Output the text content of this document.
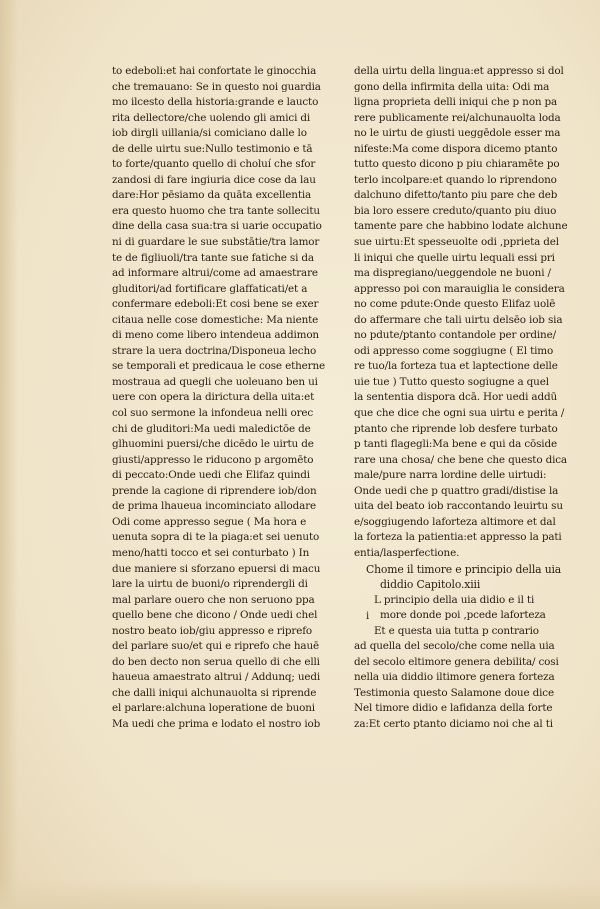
to edeboli:et hai confortate le ginocchia
che tremauano: Se in questo noi guardia
mo ilcesto della historia:grande e laucto
rita dellectore/che uolendo gli amici di
iob dirgli uillania/si comiciano dalle lo
de delle uirtu sue:Nullo testimonio e tā
to forte/quanto quello di choluí che sfor
zandosi di fare ingiuria dice cose da lau
dare:Hor pēsiamo da quāta excellentia
era questo huomo che tra tante sollecitu
dine della casa sua:tra si uarie occupatio
ni di guardare le sue substātie/tra lamor
te de figliuoli/tra tante sue fatiche si da
ad informare altrui/come ad amaestrare
gluditori/ad fortificare glaffaticati/et a
confermare edeboli:Et cosi bene se exer
citaua nelle cose domestiche: Ma niente
di meno come libero intendeua addimon
strare la uera doctrina/Disponeua lecho
se temporali et predicaua le cose etherne
mostraua ad quegli che uoleuano ben ui
uere con opera la dirictura della uita:et
col suo sermone la infondeua nelli orec
chi de gluditori:Ma uedi maledictōe de
glhuomini puersi/che dicēdo le uirtu de
giusti/appresso le riducono p argomēto
di peccato:Onde uedi che Elifaz quindi
prende la cagione di riprendere iob/don
de prima lhaueua incominciato allodare
Odi come appresso segue ( Ma hora e
uenuta sopra di te la piaga:et sei uenuto
meno/hatti tocco et sei conturbato ) In
due maniere si sforzano epuersi di macu
lare la uirtu de buoni/o riprendergli di
mal parlare ouero che non seruono ppa
quello bene che dicono / Onde uedi chel
nostro beato iob/giu appresso e riprefo
del parlare suo/et qui e riprefo che hauē
do ben decto non serua quello di che elli
haueua amaestrato altrui / Addunq; uedi
che dalli iniqui alchunauolta si riprende
el parlare:alchuna loperatione de buoni
Ma uedi che prima e lodato el nostro iob
della uirtu della lingua:et appresso si dol
gono della infirmita della uita: Odi ma
ligna proprieta delli iniqui che p non pa
rere publicamente rei/alchunauolta loda
no le uirtu de giusti ueggēdole esser ma
nifeste:Ma come dispora dicemo ptanto
tutto questo dicono p piu chiaramēte po
terlo incolpare:et quando lo riprendono
dalchuno difetto/tanto piu pare che deb
bia loro essere creduto/quanto piu diuo
tamente pare che habbino lodate alchune
sue uirtu:Et spesseuolte odi ,pprieta del
li iniqui che quelle uirtu lequali essi pri
ma dispregiano/ueggendole ne buoni /
appresso poi con marauiglia le considera
no come pdute:Onde questo Elifaz uolē
do affermare che tali uirtu delsēo iob sia
no pdute/ptanto contandole per ordine/
odi appresso come soggiugne ( El timo
re tuo/la forteza tua et laptectione delle
uie tue ) Tutto questo sogiugne a quel
la sententia dispora dcā. Hor uedi addū
que che dice che ogni sua uirtu e perita /
ptanto che riprende lob desfere turbato
p tanti flagegli:Ma bene e qui da cōside
rare una chosa/ che bene che questo dica
male/pure narra lordine delle uirtudi:
Onde uedi che p quattro gradi/distise la
uita del beato iob raccontando leuirtu su
e/soggiugendo laforteza altimore et dal
la forteza la patientia:et appresso la pati
entia/lasperfectione.
Chome il timore e principio della uia
diddio Capitolo.xiii
i
L principio della uia didio e il ti
more donde poi ,pcede laforteza
Et e questa uia tutta p contrario
ad quella del secolo/che come nella uia
del secolo eltimore genera debilita/ cosi
nella uia diddio iltimore genera forteza
Testimonia questo Salamone doue dice
Nel timore didio e lafidanza della forte
za:Et certo ptanto diciamo noi che al ti
